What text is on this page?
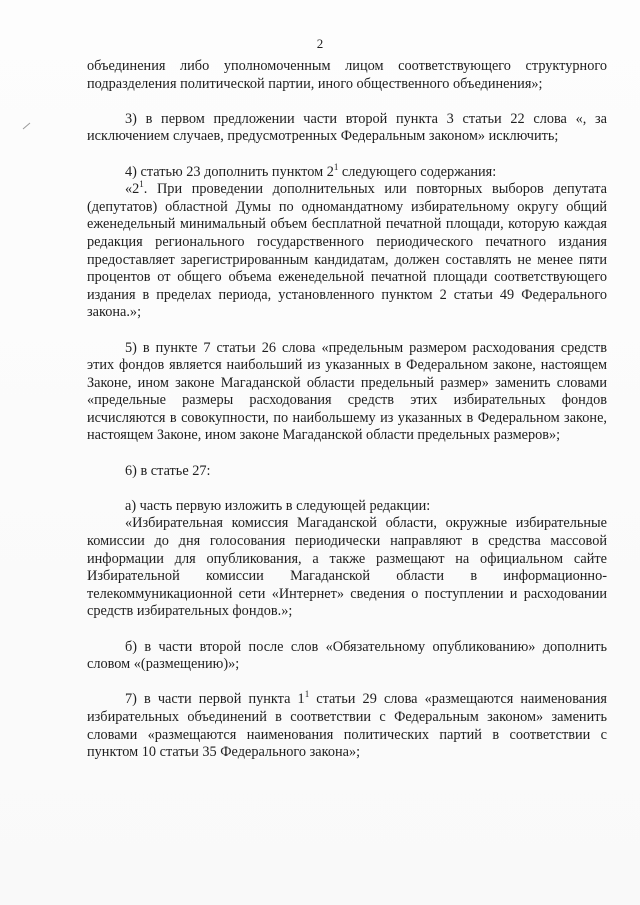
2

объединения либо уполномоченным лицом соответствующего структурного подразделения политической партии, иного общественного объединения»;

3) в первом предложении части второй пункта 3 статьи 22 слова «, за исключением случаев, предусмотренных Федеральным законом» исключить;

4) статью 23 дополнить пунктом $2^1$ следующего содержания:

«$2^1$. При проведении дополнительных или повторных выборов депутата (депутатов) областной Думы по одномандатному избирательному округу общий еженедельный минимальный объем бесплатной печатной площади, которую каждая редакция регионального государственного периодического печатного издания предоставляет зарегистрированным кандидатам, должен составлять не менее пяти процентов от общего объема еженедельной печатной площади соответствующего издания в пределах периода, установленного пунктом 2 статьи 49 Федерального закона.»;

5) в пункте 7 статьи 26 слова «предельным размером расходования средств этих фондов является наибольший из указанных в Федеральном законе, настоящем Законе, ином законе Магаданской области предельный размер» заменить словами «предельные размеры расходования средств этих избирательных фондов исчисляются в совокупности, по наибольшему из указанных в Федеральном законе, настоящем Законе, ином законе Магаданской области предельных размеров»;

6) в статье 27:

а) часть первую изложить в следующей редакции:

«Избирательная комиссия Магаданской области, окружные избирательные комиссии до дня голосования периодически направляют в средства массовой информации для опубликования, а также размещают на официальном сайте Избирательной комиссии Магаданской области в информационно-телекоммуникационной сети «Интернет» сведения о поступлении и расходовании средств избирательных фондов.»;

б) в части второй после слов «Обязательному опубликованию» дополнить словом «(размещению)»;

7) в части первой пункта $1^1$ статьи 29 слова «размещаются наименования избирательных объединений в соответствии с Федеральным законом» заменить словами «размещаются наименования политических партий в соответствии с пунктом 10 статьи 35 Федерального закона»;
